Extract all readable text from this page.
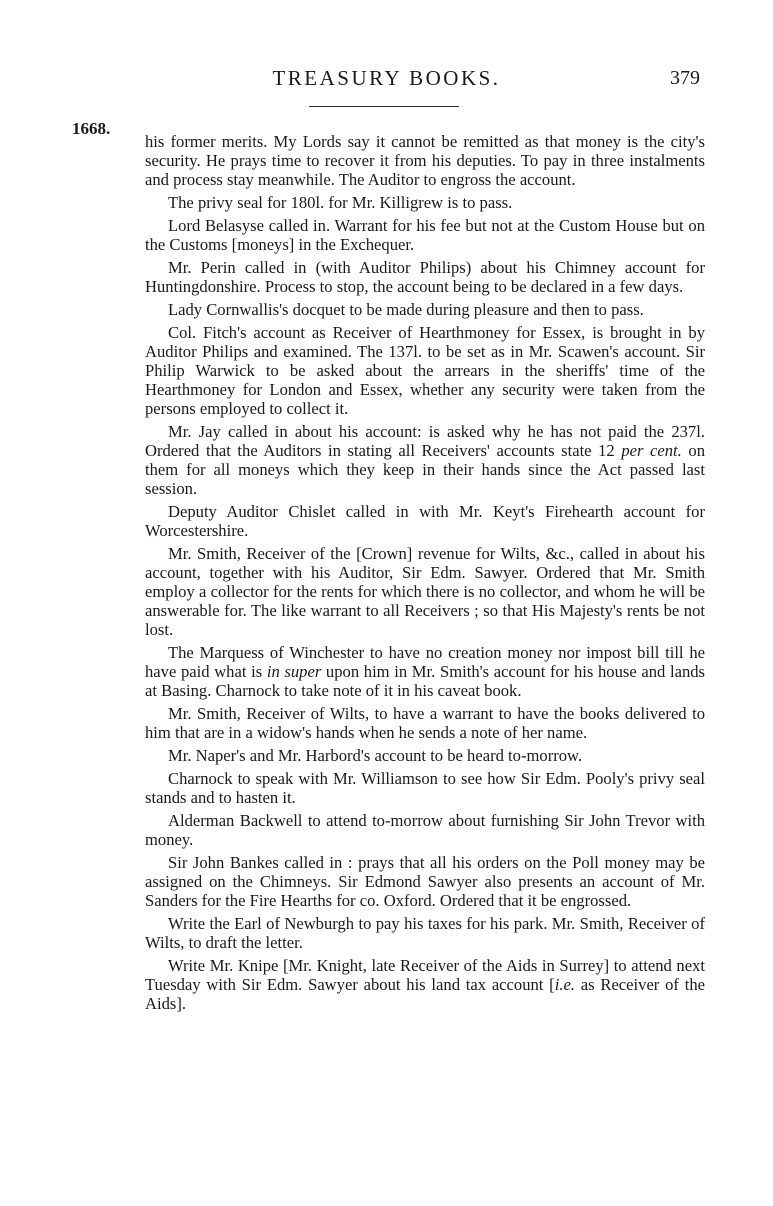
TREASURY BOOKS.	379
1668.

his former merits. My Lords say it cannot be remitted as that money is the city's security. He prays time to recover it from his deputies. To pay in three instalments and process stay meanwhile. The Auditor to engross the account.

The privy seal for 180l. for Mr. Killigrew is to pass.

Lord Belasyse called in. Warrant for his fee but not at the Custom House but on the Customs [moneys] in the Exchequer.

Mr. Perin called in (with Auditor Philips) about his Chimney account for Huntingdonshire. Process to stop, the account being to be declared in a few days.

Lady Cornwallis's docquet to be made during pleasure and then to pass.

Col. Fitch's account as Receiver of Hearthmoney for Essex, is brought in by Auditor Philips and examined. The 137l. to be set as in Mr. Scawen's account. Sir Philip Warwick to be asked about the arrears in the sheriffs' time of the Hearthmoney for London and Essex, whether any security were taken from the persons employed to collect it.

Mr. Jay called in about his account: is asked why he has not paid the 237l. Ordered that the Auditors in stating all Receivers' accounts state 12 per cent. on them for all moneys which they keep in their hands since the Act passed last session.

Deputy Auditor Chislet called in with Mr. Keyt's Firehearth account for Worcestershire.

Mr. Smith, Receiver of the [Crown] revenue for Wilts, &c., called in about his account, together with his Auditor, Sir Edm. Sawyer. Ordered that Mr. Smith employ a collector for the rents for which there is no collector, and whom he will be answerable for. The like warrant to all Receivers ; so that His Majesty's rents be not lost.

The Marquess of Winchester to have no creation money nor impost bill till he have paid what is in super upon him in Mr. Smith's account for his house and lands at Basing. Charnock to take note of it in his caveat book.

Mr. Smith, Receiver of Wilts, to have a warrant to have the books delivered to him that are in a widow's hands when he sends a note of her name.

Mr. Naper's and Mr. Harbord's account to be heard to-morrow.

Charnock to speak with Mr. Williamson to see how Sir Edm. Pooly's privy seal stands and to hasten it.

Alderman Backwell to attend to-morrow about furnishing Sir John Trevor with money.

Sir John Bankes called in : prays that all his orders on the Poll money may be assigned on the Chimneys. Sir Edmond Sawyer also presents an account of Mr. Sanders for the Fire Hearths for co. Oxford. Ordered that it be engrossed.

Write the Earl of Newburgh to pay his taxes for his park. Mr. Smith, Receiver of Wilts, to draft the letter.

Write Mr. Knipe [Mr. Knight, late Receiver of the Aids in Surrey] to attend next Tuesday with Sir Edm. Sawyer about his land tax account [i.e. as Receiver of the Aids].
